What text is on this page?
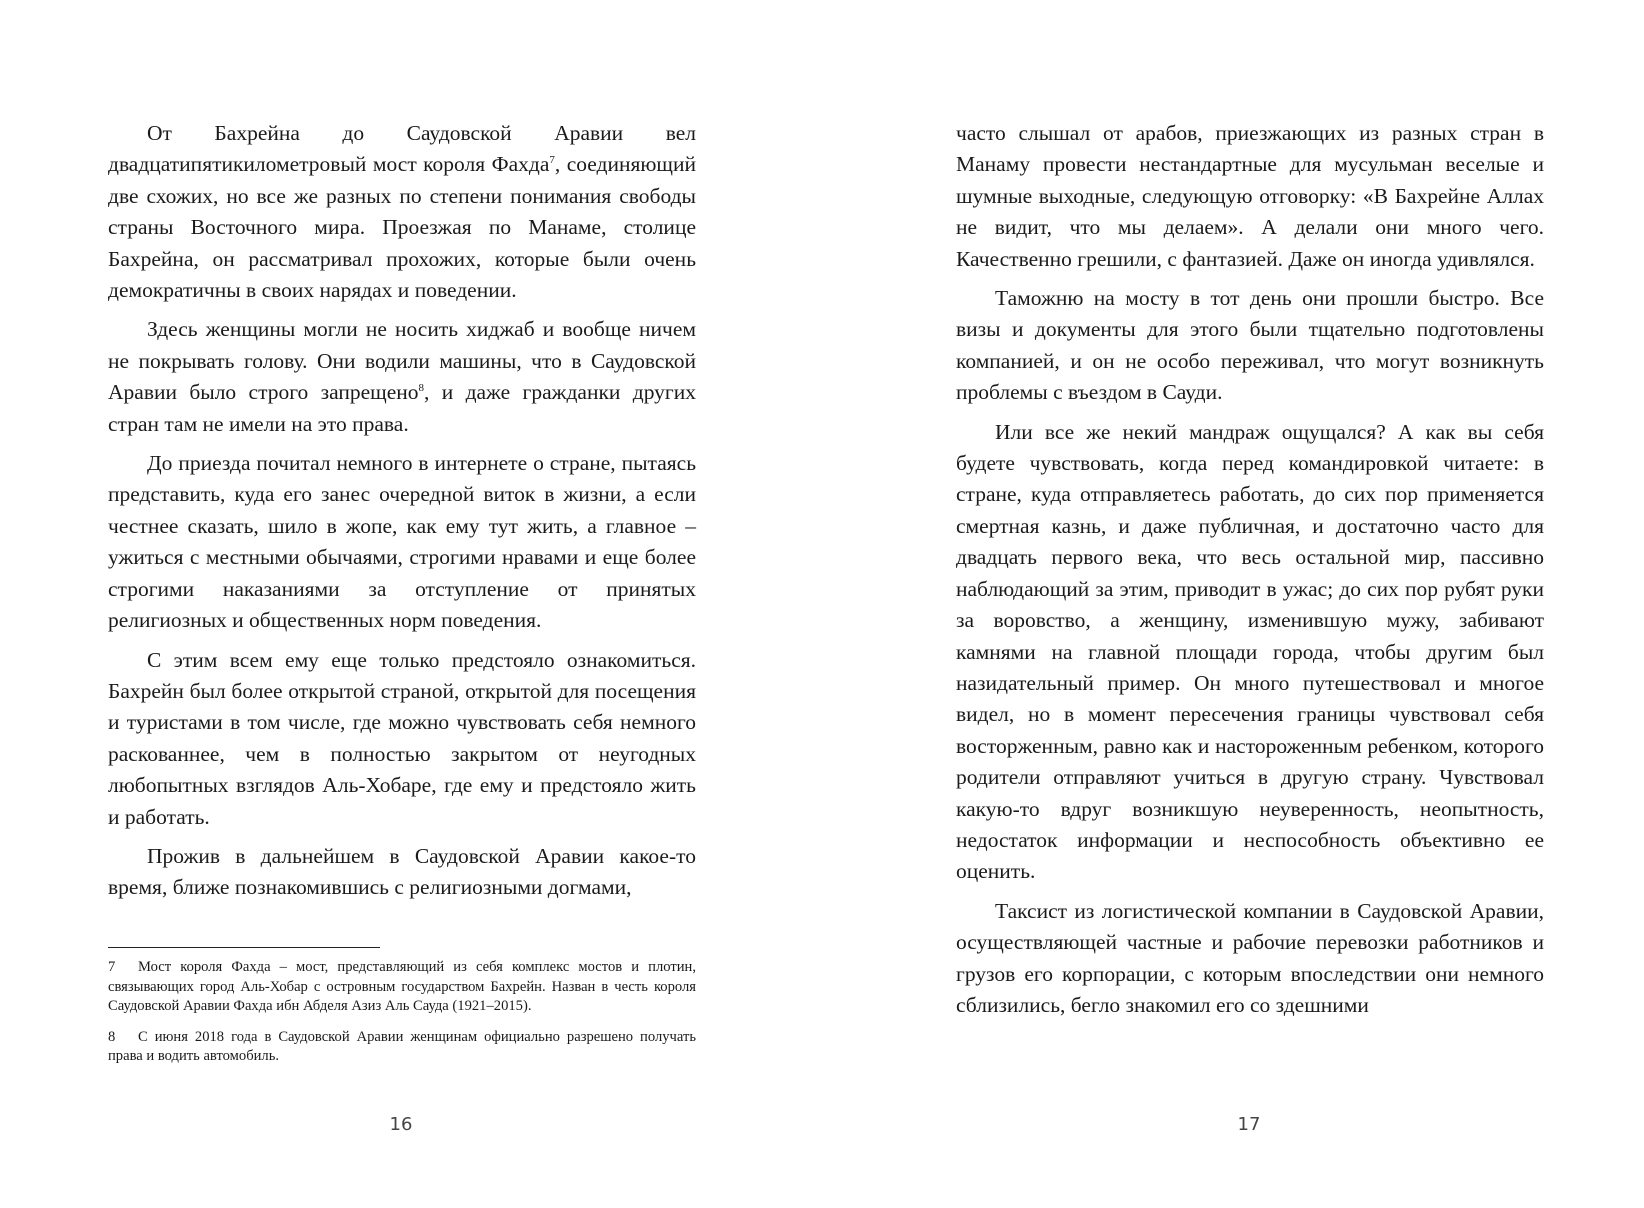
От Бахрейна до Саудовской Аравии вел двадцатипятикилометровый мост короля Фахда$^7$, соединяющий две схожих, но все же разных по степени понимания свободы страны Восточного мира. Проезжая по Манаме, столице Бахрейна, он рассматривал прохожих, которые были очень демократичны в своих нарядах и поведении.

Здесь женщины могли не носить хиджаб и вообще ничем не покрывать голову. Они водили машины, что в Саудовской Аравии было строго запрещено$^8$, и даже гражданки других стран там не имели на это права.

До приезда почитал немного в интернете о стране, пытаясь представить, куда его занес очередной виток в жизни, а если честнее сказать, шило в жопе, как ему тут жить, а главное – ужиться с местными обычаями, строгими нравами и еще более строгими наказаниями за отступление от принятых религиозных и общественных норм поведения.

С этим всем ему еще только предстояло ознакомиться. Бахрейн был более открытой страной, открытой для посещения и туристами в том числе, где можно чувствовать себя немного раскованнее, чем в полностью закрытом от неугодных любопытных взглядов Аль-Хобаре, где ему и предстояло жить и работать.

Прожив в дальнейшем в Саудовской Аравии какое-то время, ближе познакомившись с религиозными догмами,

7 Мост короля Фахда – мост, представляющий из себя комплекс мостов и плотин, связывающих город Аль-Хобар с островным государством Бахрейн. Назван в честь короля Саудовской Аравии Фахда ибн Абделя Азиз Аль Сауда (1921–2015).

8 С июня 2018 года в Саудовской Аравии женщинам официально разрешено получать права и водить автомобиль.

16

часто слышал от арабов, приезжающих из разных стран в Манаму провести нестандартные для мусульман веселые и шумные выходные, следующую отговорку: «В Бахрейне Аллах не видит, что мы делаем». А делали они много чего. Качественно грешили, с фантазией. Даже он иногда удивлялся.

Таможню на мосту в тот день они прошли быстро. Все визы и документы для этого были тщательно подготовлены компанией, и он не особо переживал, что могут возникнуть проблемы с въездом в Сауди.

Или все же некий мандраж ощущался? А как вы себя будете чувствовать, когда перед командировкой читаете: в стране, куда отправляетесь работать, до сих пор применяется смертная казнь, и даже публичная, и достаточно часто для двадцать первого века, что весь остальной мир, пассивно наблюдающий за этим, приводит в ужас; до сих пор рубят руки за воровство, а женщину, изменившую мужу, забивают камнями на главной площади города, чтобы другим был назидательный пример. Он много путешествовал и многое видел, но в момент пересечения границы чувствовал себя восторженным, равно как и настороженным ребенком, которого родители отправляют учиться в другую страну. Чувствовал какую-то вдруг возникшую неуверенность, неопытность, недостаток информации и неспособность объективно ее оценить.

Таксист из логистической компании в Саудовской Аравии, осуществляющей частные и рабочие перевозки работников и грузов его корпорации, с которым впоследствии они немного сблизились, бегло знакомил его со здешними

17
